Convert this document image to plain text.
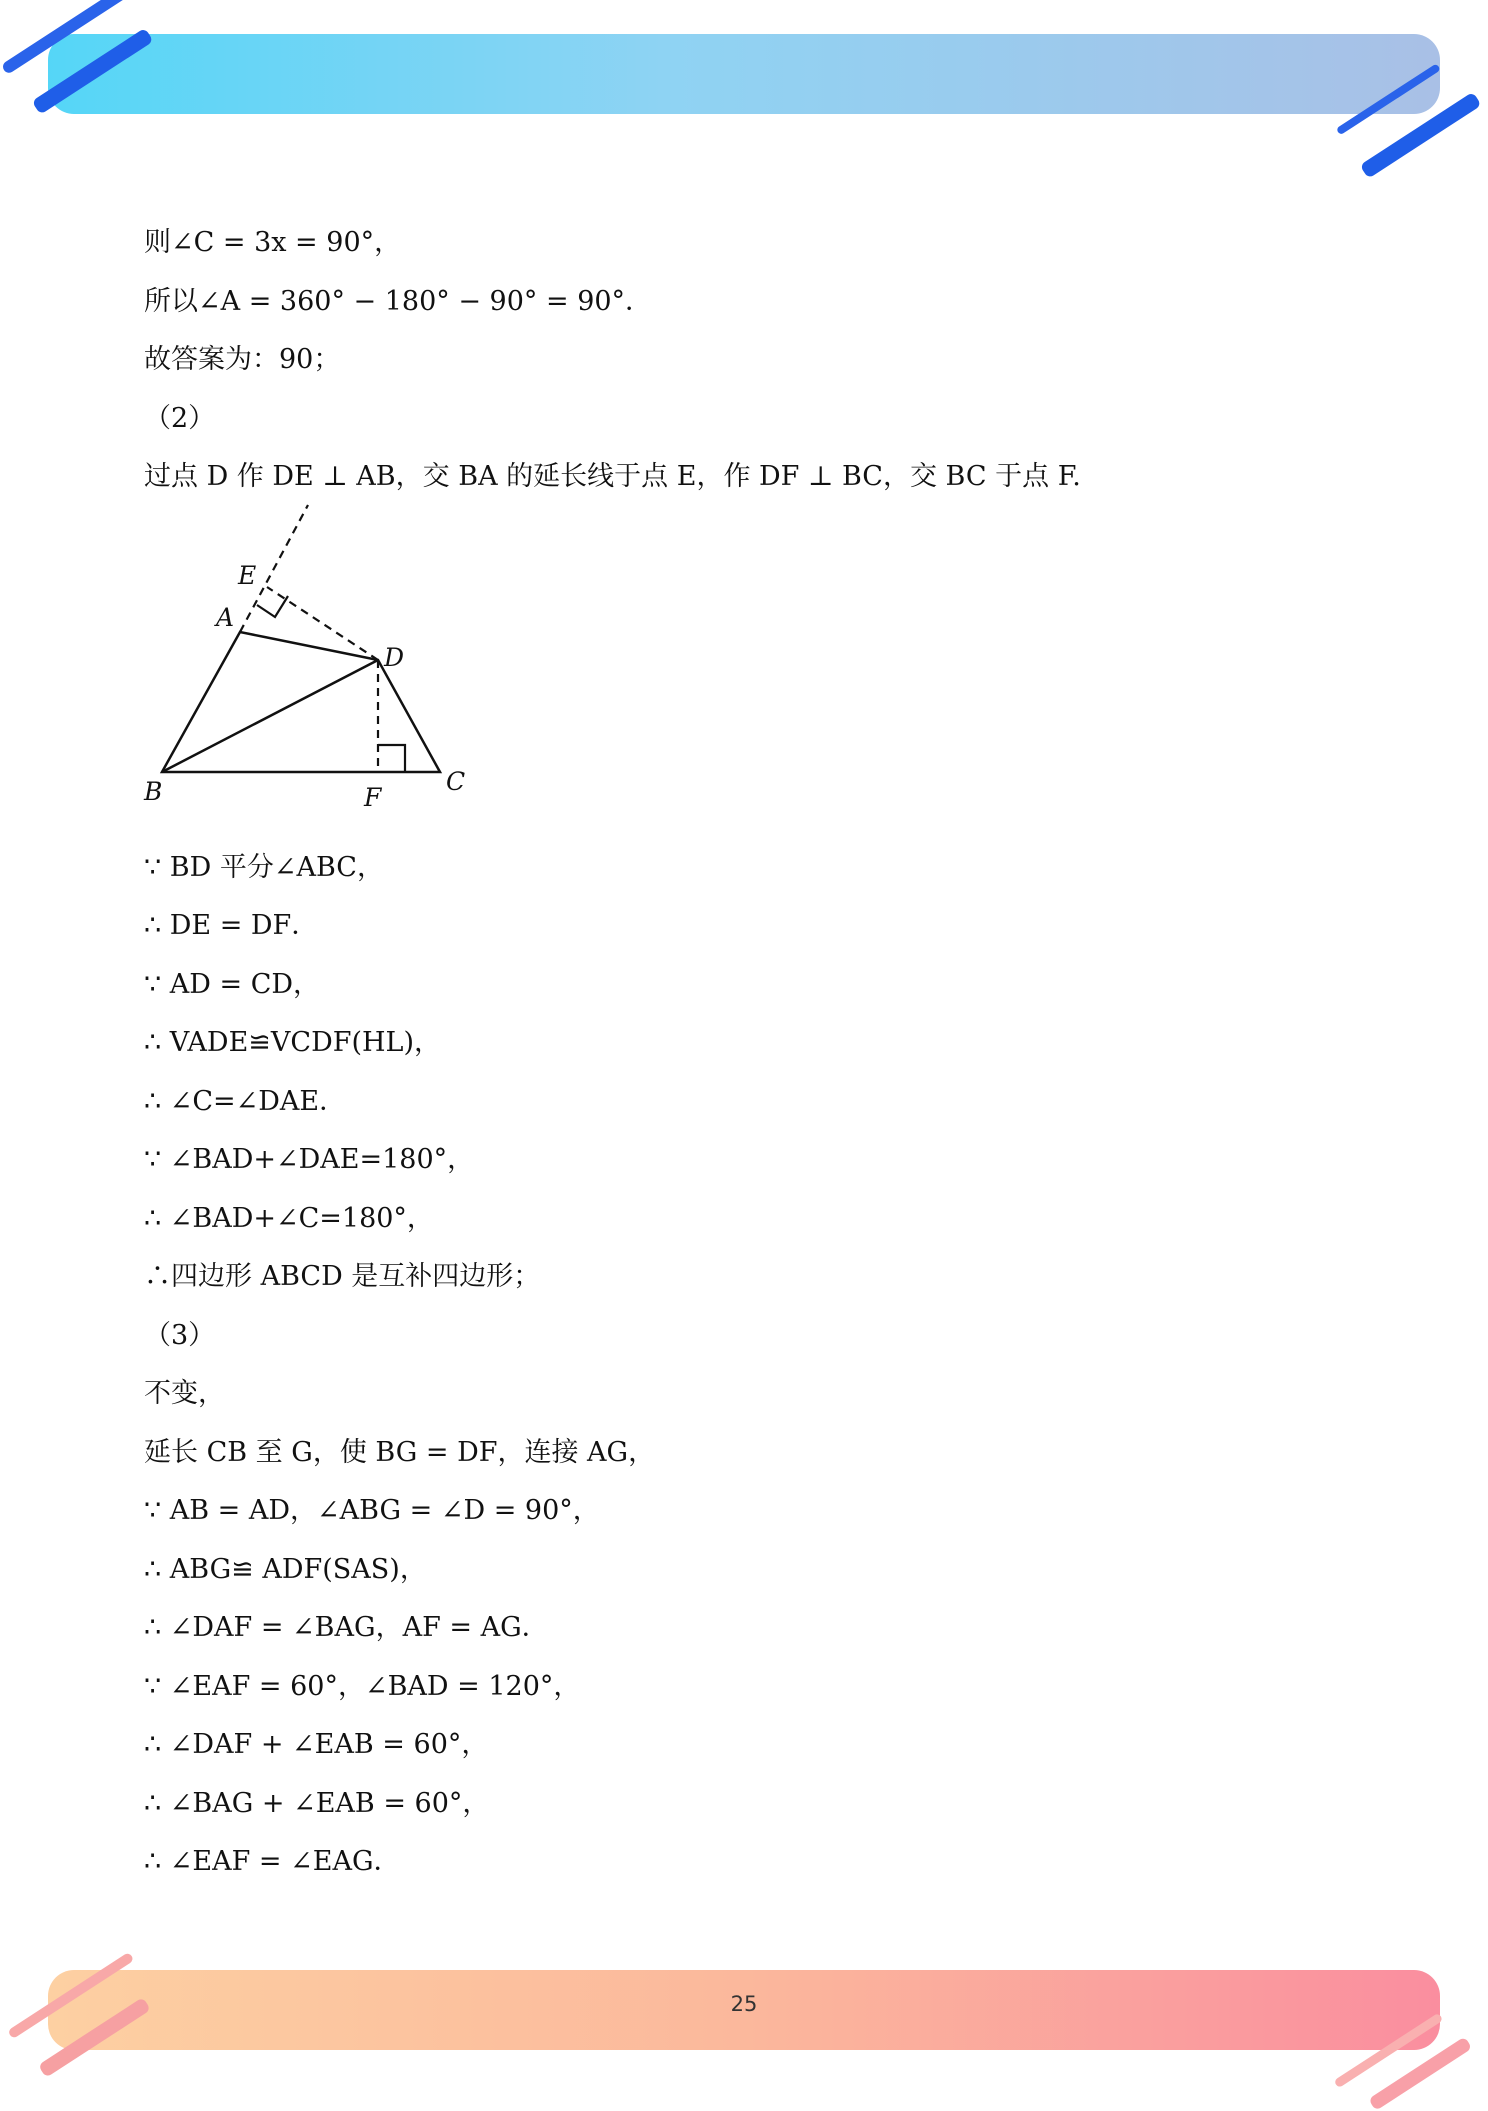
则∠C = 3x = 90°，
所以∠A = 360° − 180° − 90° = 90°．
故答案为：90；
（2）
过点 D 作 DE ⊥ AB，交 BA 的延长线于点 E，作 DF ⊥ BC，交 BC 于点 F.
∵ BD 平分∠ABC，
∴ DE = DF．
∵ AD = CD，
∴ VADE≌VCDF(HL)，
∴ ∠C=∠DAE．
∵ ∠BAD+∠DAE=180°，
∴ ∠BAD+∠C=180°，
∴四边形 ABCD 是互补四边形；
（3）
不变，
延长 CB 至 G，使 BG = DF，连接 AG，
∵ AB = AD，∠ABG = ∠D = 90°，
∴ ABG≌ ADF(SAS)，
∴ ∠DAF = ∠BAG，AF = AG．
∵ ∠EAF = 60°，∠BAD = 120°，
∴ ∠DAF + ∠EAB = 60°，
∴ ∠BAG + ∠EAB = 60°，
∴ ∠EAF = ∠EAG．
E
A
D
B	F
C
25
